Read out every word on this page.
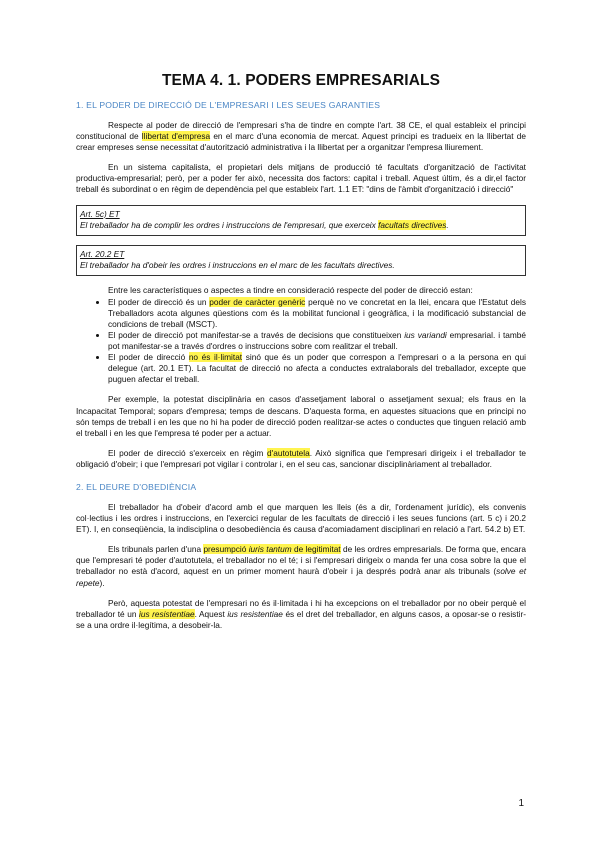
TEMA 4. 1. PODERS EMPRESARIALS
1. EL PODER DE DIRECCIÓ DE L'EMPRESARI I LES SEUES GARANTIES

Respecte al poder de direcció de l'empresari s'ha de tindre en compte l'art. 38 CE, el qual estableix el principi constitucional de llibertat d'empresa en el marc d'una economia de mercat. Aquest principi es tradueix en la llibertat de crear empreses sense necessitat d'autorització administrativa i la llibertat per a organitzar l'empresa lliurement.

En un sistema capitalista, el propietari dels mitjans de producció té facultats d'organització de l'activitat productiva-empresarial; però, per a poder fer això, necessita dos factors: capital i treball. Aquest últim, és a dir,el factor treball és subordinat o en règim de dependència pel que estableix l'art. 1.1 ET: "dins de l'àmbit d'organització i direcció"

Art. 5c) ET
El treballador ha de complir les ordres i instruccions de l'empresari, que exerceix facultats directives.
Art. 20.2 ET
El treballador ha d'obeir les ordres i instruccions en el marc de les facultats directives.

Entre les característiques o aspectes a tindre en consideració respecte del poder de direcció estan:

• El poder de direcció és un poder de caràcter genèric perquè no ve concretat en la llei, encara que l'Estatut dels Treballadors acota algunes qüestions com és la mobilitat funcional i geogràfica, i la modificació substancial de condicions de treball (MSCT).
• El poder de direcció pot manifestar-se a través de decisions que constitueixen ius variandi empresarial. i també pot manifestar-se a través d'ordres o instruccions sobre com realitzar el treball.
• El poder de direcció no és il·limitat sinó que és un poder que correspon a l'empresari o a la persona en qui delegue (art. 20.1 ET). La facultat de direcció no afecta a conductes extralaborals del treballador, excepte que puguen afectar el treball.

Per exemple, la potestat disciplinària en casos d'assetjament laboral o assetjament sexual; els fraus en la Incapacitat Temporal; sopars d'empresa; temps de descans. D'aquesta forma, en aquestes situacions que en principi no són temps de treball i en les que no hi ha poder de direcció poden realitzar-se actes o conductes que tinguen relació amb el treball i en les que l'empresa té poder per a actuar.

El poder de direcció s'exerceix en règim d'autotutela. Això significa que l'empresari dirigeix i el treballador te obligació d'obeir; i que l'empresari pot vigilar i controlar i, en el seu cas, sancionar disciplinàriament al treballador.

2. EL DEURE D'OBEDIÈNCIA

El treballador ha d'obeir d'acord amb el que marquen les lleis (és a dir, l'ordenament jurídic), els convenis col·lectius i les ordres i instruccions, en l'exercici regular de les facultats de direcció i les seues funcions (art. 5 c) i 20.2 ET). I, en conseqüència, la indisciplina o desobediència és causa d'acomiadament disciplinari en relació a l'art. 54.2 b) ET.

Els tribunals parlen d'una presumpció iuris tantum de legitimitat de les ordres empresarials. De forma que, encara que l'empresari té poder d'autotutela, el treballador no el té; i si l'empresari dirigeix o manda fer una cosa sobre la que el treballador no està d'acord, aquest en un primer moment haurà d'obeir i ja després podrà anar als tribunals (solve et repete).

Però, aquesta potestat de l'empresari no és il·limitada i hi ha excepcions on el treballador por no obeir perquè el treballador té un ius resistentiae. Aquest ius resistentiae és el dret del treballador, en alguns casos, a oposar-se o resistir-se a una ordre il·legítima, a desobeir-la.

1
